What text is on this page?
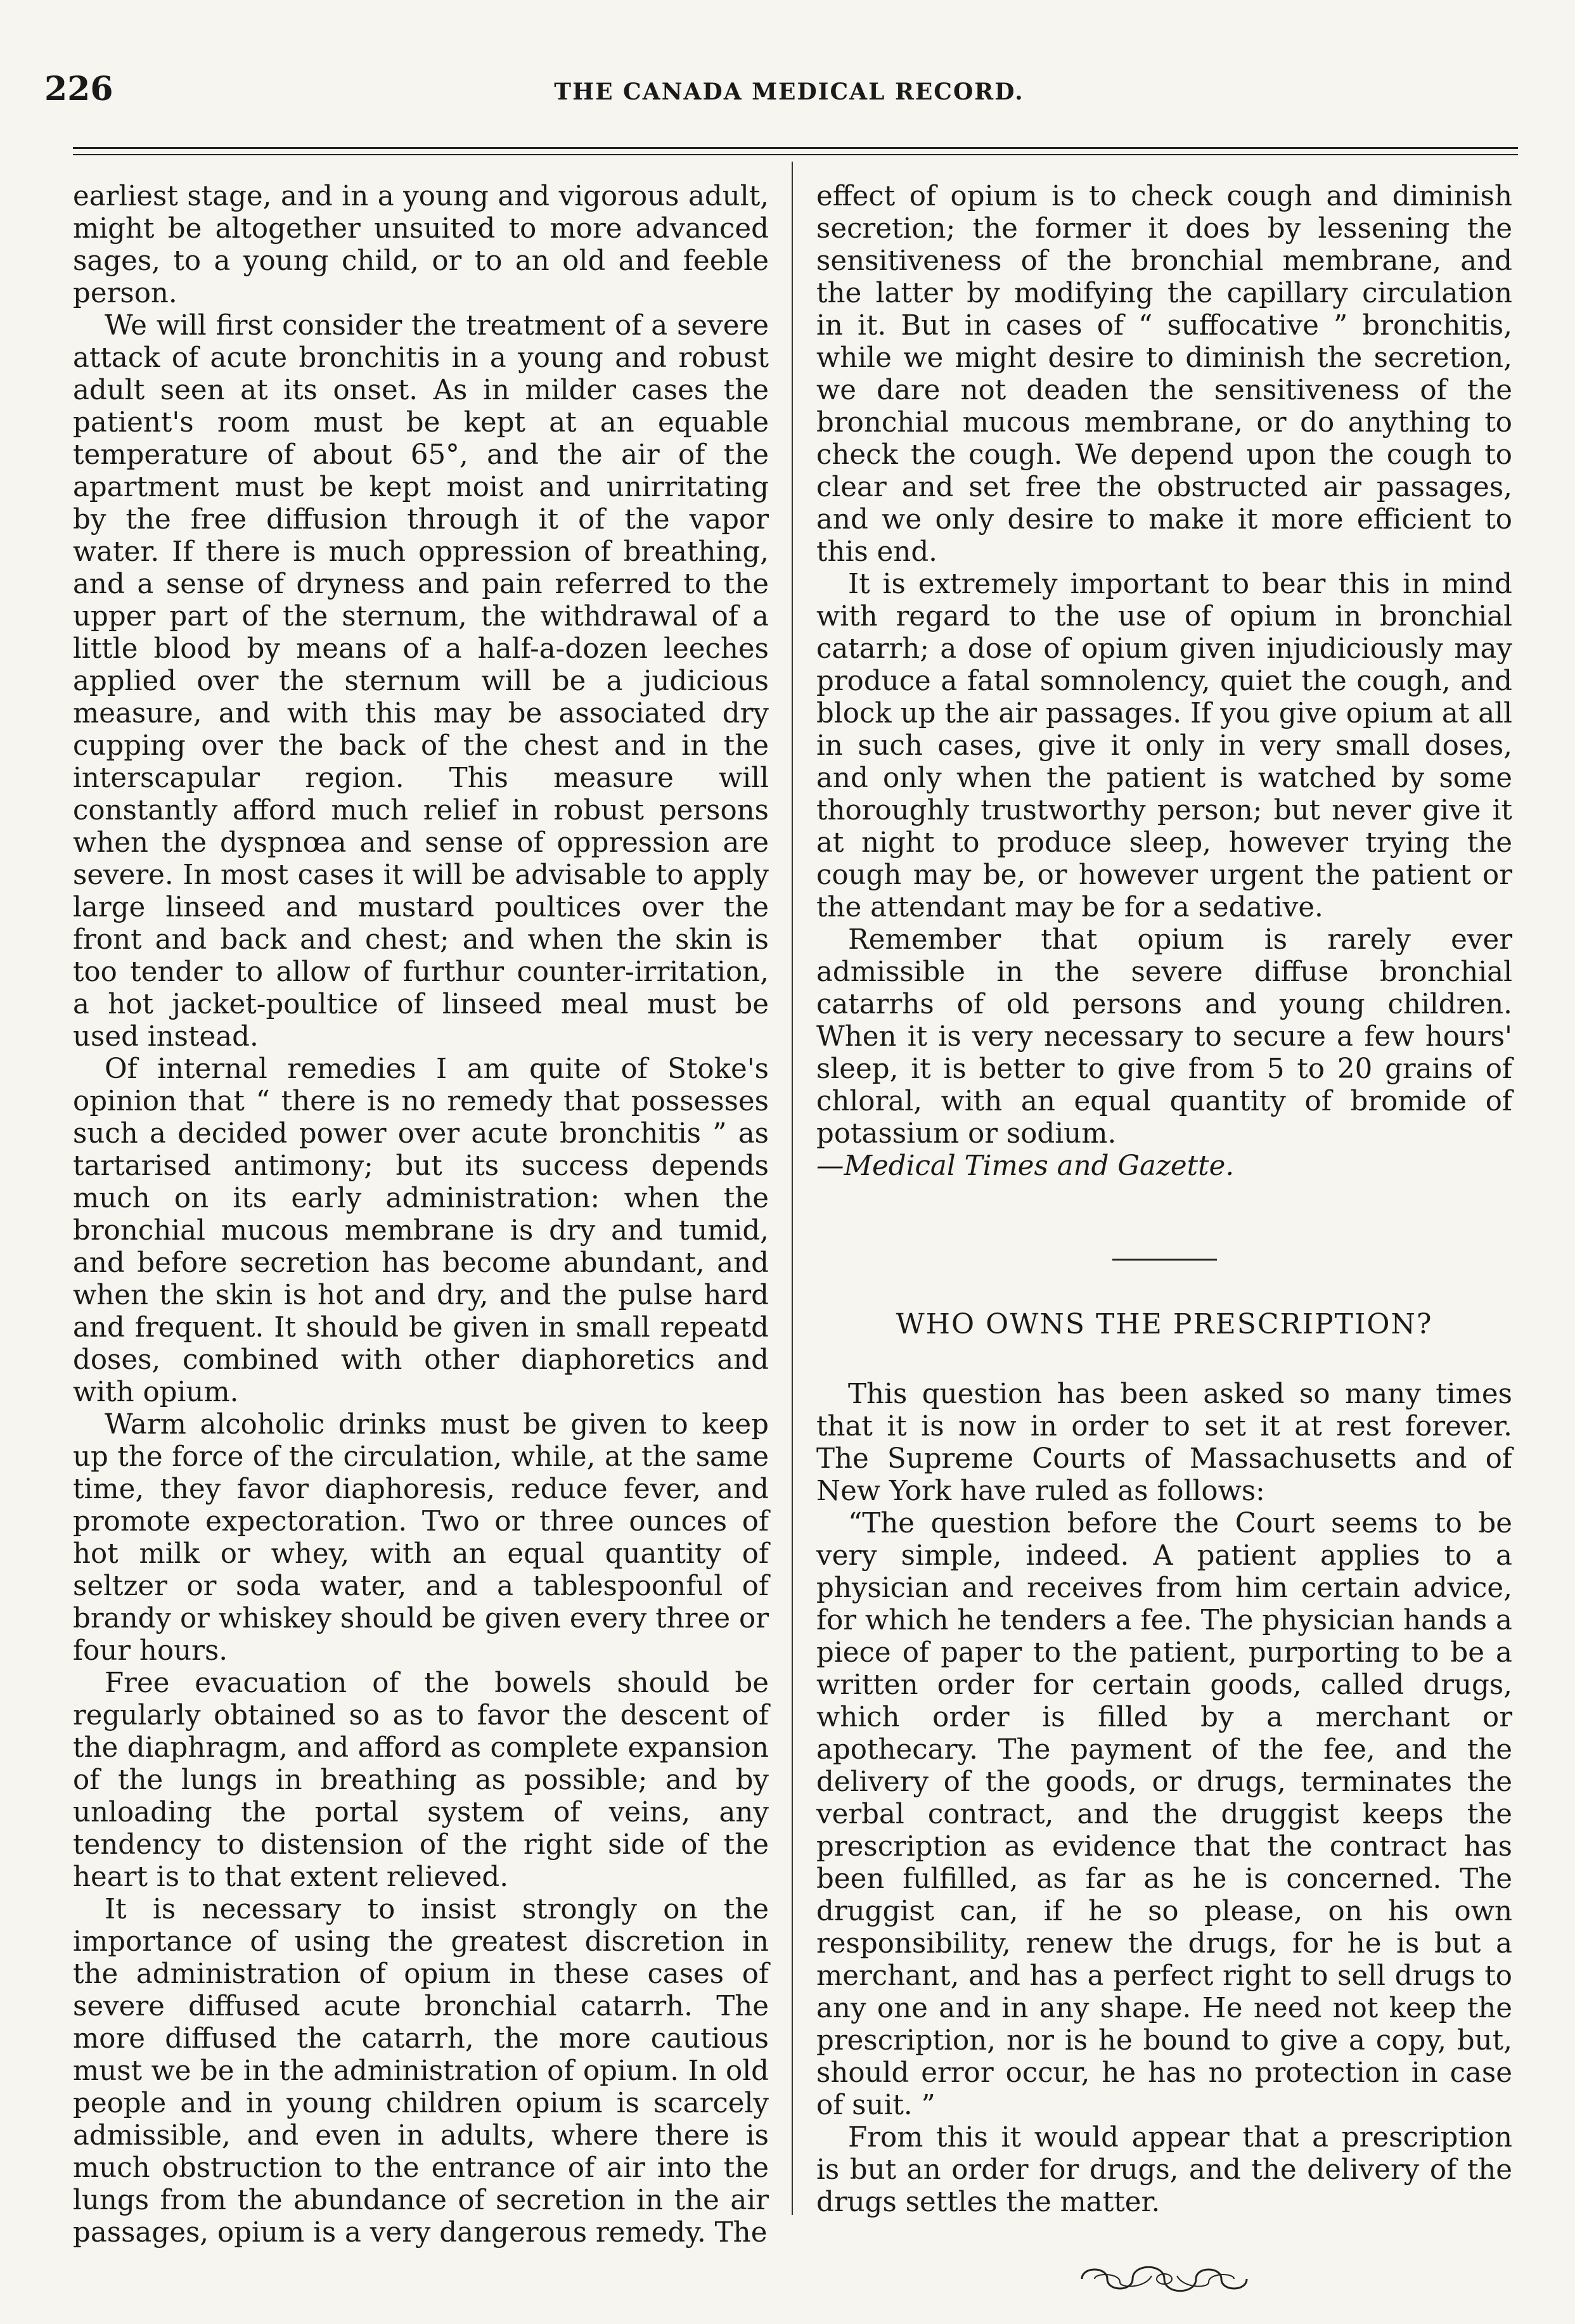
226	THE CANADA MEDICAL RECORD.

earliest stage, and in a young and vigorous adult, might be altogether unsuited to more advanced sages, to a young child, or to an old and feeble person.

We will first consider the treatment of a severe attack of acute bronchitis in a young and robust adult seen at its onset. As in milder cases the patient's room must be kept at an equable temperature of about 65°, and the air of the apartment must be kept moist and unirritating by the free diffusion through it of the vapor water. If there is much oppression of breathing, and a sense of dryness and pain referred to the upper part of the sternum, the withdrawal of a little blood by means of a half-a-dozen leeches applied over the sternum will be a judicious measure, and with this may be associated dry cupping over the back of the chest and in the interscapular region. This measure will constantly afford much relief in robust persons when the dyspnœa and sense of oppression are severe. In most cases it will be advisable to apply large linseed and mustard poultices over the front and back and chest; and when the skin is too tender to allow of furthur counter-irritation, a hot jacket-poultice of linseed meal must be used instead.

Of internal remedies I am quite of Stoke's opinion that “ there is no remedy that possesses such a decided power over acute bronchitis ” as tartarised antimony; but its success depends much on its early administration: when the bronchial mucous membrane is dry and tumid, and before secretion has become abundant, and when the skin is hot and dry, and the pulse hard and frequent. It should be given in small repeatd doses, combined with other diaphoretics and with opium.

Warm alcoholic drinks must be given to keep up the force of the circulation, while, at the same time, they favor diaphoresis, reduce fever, and promote expectoration. Two or three ounces of hot milk or whey, with an equal quantity of seltzer or soda water, and a tablespoonful of brandy or whiskey should be given every three or four hours.

Free evacuation of the bowels should be regularly obtained so as to favor the descent of the diaphragm, and afford as complete expansion of the lungs in breathing as possible; and by unloading the portal system of veins, any tendency to distension of the right side of the heart is to that extent relieved.

It is necessary to insist strongly on the importance of using the greatest discretion in the administration of opium in these cases of severe diffused acute bronchial catarrh. The more diffused the catarrh, the more cautious must we be in the administration of opium. In old people and in young children opium is scarcely admissible, and even in adults, where there is much obstruction to the entrance of air into the lungs from the abundance of secretion in the air passages, opium is a very dangerous remedy. The

effect of opium is to check cough and diminish secretion; the former it does by lessening the sensitiveness of the bronchial membrane, and the latter by modifying the capillary circulation in it. But in cases of “ suffocative ” bronchitis, while we might desire to diminish the secretion, we dare not deaden the sensitiveness of the bronchial mucous membrane, or do anything to check the cough. We depend upon the cough to clear and set free the obstructed air passages, and we only desire to make it more efficient to this end.

It is extremely important to bear this in mind with regard to the use of opium in bronchial catarrh; a dose of opium given injudiciously may produce a fatal somnolency, quiet the cough, and block up the air passages. If you give opium at all in such cases, give it only in very small doses, and only when the patient is watched by some thoroughly trustworthy person; but never give it at night to produce sleep, however trying the cough may be, or however urgent the patient or the attendant may be for a sedative.

Remember that opium is rarely ever admissible in the severe diffuse bronchial catarrhs of old persons and young children. When it is very necessary to secure a few hours' sleep, it is better to give from 5 to 20 grains of chloral, with an equal quantity of bromide of potassium or sodium.

—Medical Times and Gazette.

WHO OWNS THE PRESCRIPTION?

This question has been asked so many times that it is now in order to set it at rest forever. The Supreme Courts of Massachusetts and of New York have ruled as follows:

“The question before the Court seems to be very simple, indeed. A patient applies to a physician and receives from him certain advice, for which he tenders a fee. The physician hands a piece of paper to the patient, purporting to be a written order for certain goods, called drugs, which order is filled by a merchant or apothecary. The payment of the fee, and the delivery of the goods, or drugs, terminates the verbal contract, and the druggist keeps the prescription as evidence that the contract has been fulfilled, as far as he is concerned. The druggist can, if he so please, on his own responsibility, renew the drugs, for he is but a merchant, and has a perfect right to sell drugs to any one and in any shape. He need not keep the prescription, nor is he bound to give a copy, but, should error occur, he has no protection in case of suit. ”

From this it would appear that a prescription is but an order for drugs, and the delivery of the drugs settles the matter.
